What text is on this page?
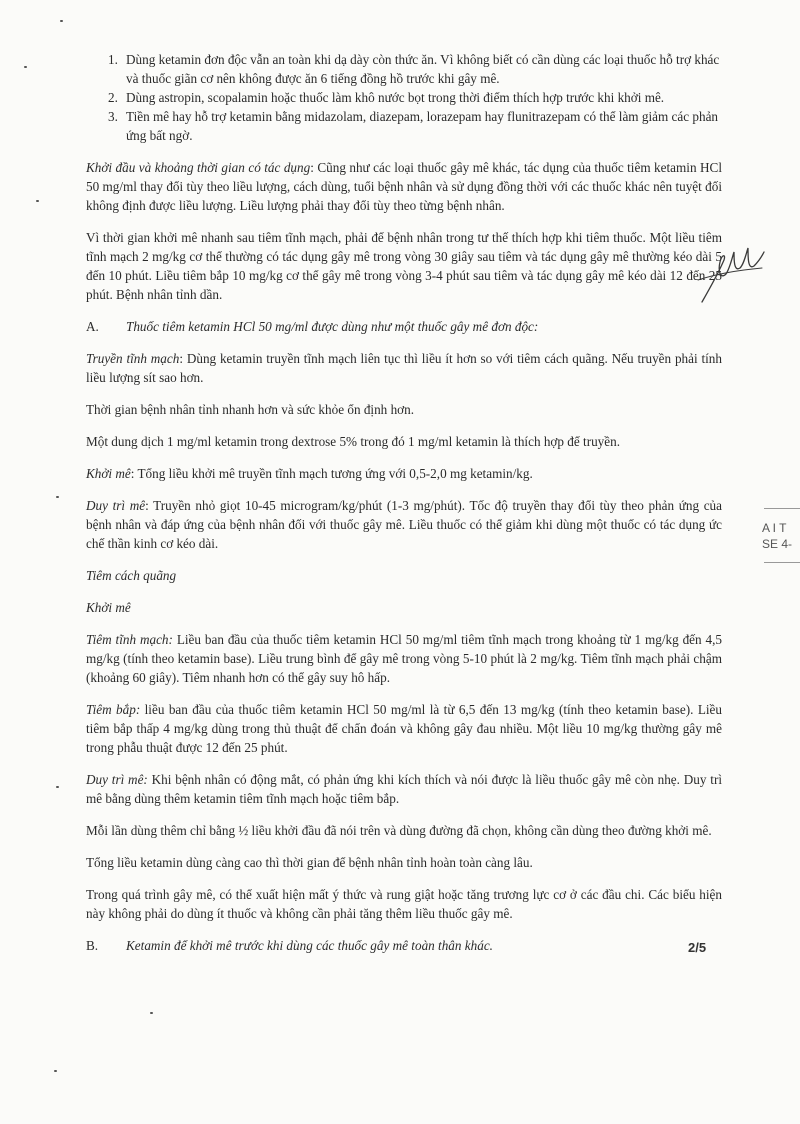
1. Dùng ketamin đơn độc vẫn an toàn khi dạ dày còn thức ăn. Vì không biết có cần dùng các loại thuốc hỗ trợ khác và thuốc giãn cơ nên không được ăn 6 tiếng đồng hồ trước khi gây mê.
2. Dùng astropin, scopalamin hoặc thuốc làm khô nước bọt trong thời điểm thích hợp trước khi khởi mê.
3. Tiền mê hay hỗ trợ ketamin bằng midazolam, diazepam, lorazepam hay flunitrazepam có thể làm giảm các phản ứng bất ngờ.

Khởi đầu và khoảng thời gian có tác dụng: Cũng như các loại thuốc gây mê khác, tác dụng của thuốc tiêm ketamin HCl 50 mg/ml thay đổi tùy theo liều lượng, cách dùng, tuổi bệnh nhân và sử dụng đồng thời với các thuốc khác nên tuyệt đối không định được liều lượng. Liều lượng phải thay đổi tùy theo từng bệnh nhân.

Vì thời gian khởi mê nhanh sau tiêm tĩnh mạch, phải để bệnh nhân trong tư thế thích hợp khi tiêm thuốc. Một liều tiêm tĩnh mạch 2 mg/kg cơ thể thường có tác dụng gây mê trong vòng 30 giây sau tiêm và tác dụng gây mê thường kéo dài 5 đến 10 phút. Liều tiêm bắp 10 mg/kg cơ thể gây mê trong vòng 3-4 phút sau tiêm và tác dụng gây mê kéo dài 12 đến 25 phút. Bệnh nhân tỉnh dần.

A. Thuốc tiêm ketamin HCl 50 mg/ml được dùng như một thuốc gây mê đơn độc:

Truyền tĩnh mạch: Dùng ketamin truyền tĩnh mạch liên tục thì liều ít hơn so với tiêm cách quãng. Nếu truyền phải tính liều lượng sít sao hơn.

Thời gian bệnh nhân tỉnh nhanh hơn và sức khỏe ổn định hơn.

Một dung dịch 1 mg/ml ketamin trong dextrose 5% trong đó 1 mg/ml ketamin là thích hợp để truyền.

Khởi mê: Tổng liều khởi mê truyền tĩnh mạch tương ứng với 0,5-2,0 mg ketamin/kg.

Duy trì mê: Truyền nhỏ giọt 10-45 microgram/kg/phút (1-3 mg/phút). Tốc độ truyền thay đổi tùy theo phản ứng của bệnh nhân và đáp ứng của bệnh nhân đối với thuốc gây mê. Liều thuốc có thể giảm khi dùng một thuốc có tác dụng ức chế thần kinh cơ kéo dài.

Tiêm cách quãng

Khởi mê

Tiêm tĩnh mạch: Liều ban đầu của thuốc tiêm ketamin HCl 50 mg/ml tiêm tĩnh mạch trong khoảng từ 1 mg/kg đến 4,5 mg/kg (tính theo ketamin base). Liều trung bình để gây mê trong vòng 5-10 phút là 2 mg/kg. Tiêm tĩnh mạch phải chậm (khoảng 60 giây). Tiêm nhanh hơn có thể gây suy hô hấp.

Tiêm bắp: liều ban đầu của thuốc tiêm ketamin HCl 50 mg/ml là từ 6,5 đến 13 mg/kg (tính theo ketamin base). Liều tiêm bắp thấp 4 mg/kg dùng trong thủ thuật để chẩn đoán và không gây đau nhiều. Một liều 10 mg/kg thường gây mê trong phẫu thuật được 12 đến 25 phút.

Duy trì mê: Khi bệnh nhân có động mắt, có phản ứng khi kích thích và nói được là liều thuốc gây mê còn nhẹ. Duy trì mê bằng dùng thêm ketamin tiêm tĩnh mạch hoặc tiêm bắp.

Mỗi lần dùng thêm chỉ bằng ½ liều khởi đầu đã nói trên và dùng đường đã chọn, không cần dùng theo đường khởi mê.

Tổng liều ketamin dùng càng cao thì thời gian để bệnh nhân tỉnh hoàn toàn càng lâu.

Trong quá trình gây mê, có thể xuất hiện mất ý thức và rung giật hoặc tăng trương lực cơ ở các đầu chi. Các biểu hiện này không phải do dùng ít thuốc và không cần phải tăng thêm liều thuốc gây mê.

B. Ketamin để khởi mê trước khi dùng các thuốc gây mê toàn thân khác.	2/5
A I T
SE 4-
